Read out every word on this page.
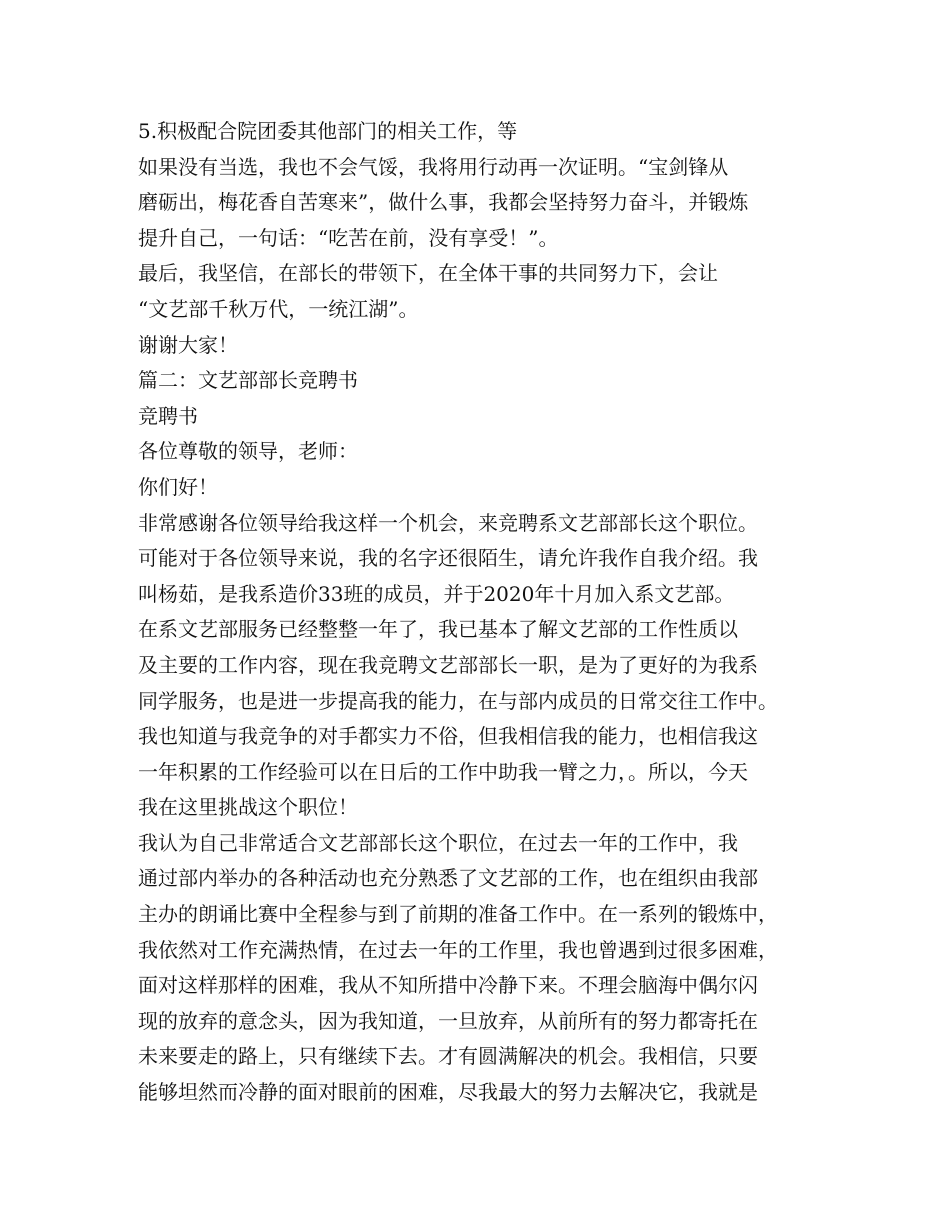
5.积极配合院团委其他部门的相关工作，等
如果没有当选，我也不会气馁，我将用行动再一次证明。“宝剑锋从
磨砺出，梅花香自苦寒来”，做什么事，我都会坚持努力奋斗，并锻炼
提升自己，一句话：“吃苦在前，没有享受！”。
最后，我坚信，在部长的带领下，在全体干事的共同努力下，会让
“文艺部千秋万代，一统江湖”。
谢谢大家！
篇二：文艺部部长竞聘书
竞聘书
各位尊敬的领导，老师：
你们好！
非常感谢各位领导给我这样一个机会，来竞聘系文艺部部长这个职位。
可能对于各位领导来说，我的名字还很陌生，请允许我作自我介绍。我
叫杨茹，是我系造价33班的成员，并于2020年十月加入系文艺部。
在系文艺部服务已经整整一年了，我已基本了解文艺部的工作性质以
及主要的工作内容，现在我竞聘文艺部部长一职，是为了更好的为我系
同学服务，也是进一步提高我的能力，在与部内成员的日常交往工作中。
我也知道与我竞争的对手都实力不俗，但我相信我的能力，也相信我这
一年积累的工作经验可以在日后的工作中助我一臂之力，。所以，今天
我在这里挑战这个职位！
我认为自己非常适合文艺部部长这个职位，在过去一年的工作中，我
通过部内举办的各种活动也充分熟悉了文艺部的工作，也在组织由我部
主办的朗诵比赛中全程参与到了前期的准备工作中。在一系列的锻炼中，
我依然对工作充满热情，在过去一年的工作里，我也曾遇到过很多困难，
面对这样那样的困难，我从不知所措中冷静下来。不理会脑海中偶尔闪
现的放弃的意念头，因为我知道，一旦放弃，从前所有的努力都寄托在
未来要走的路上，只有继续下去。才有圆满解决的机会。我相信，只要
能够坦然而冷静的面对眼前的困难，尽我最大的努力去解决它，我就是
